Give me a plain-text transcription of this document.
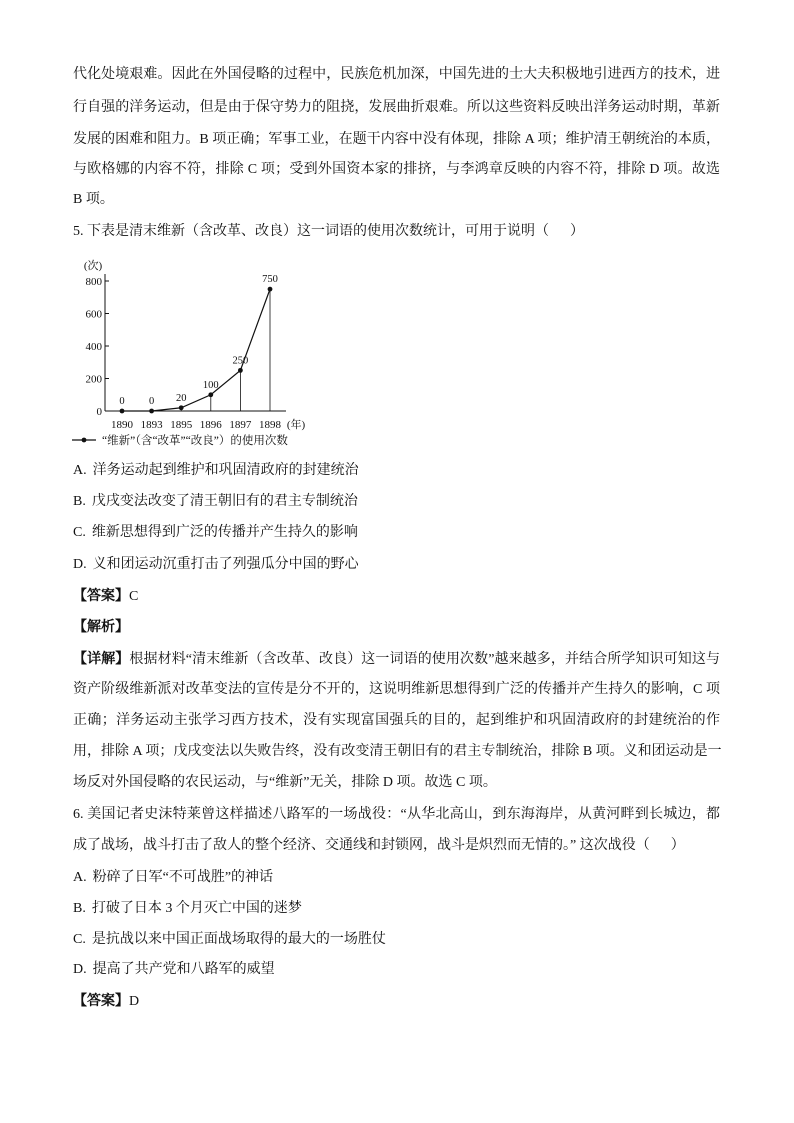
代化处境艰难。因此在外国侵略的过程中，民族危机加深，中国先进的士大夫积极地引进西方的技术，进
行自强的洋务运动，但是由于保守势力的阻挠，发展曲折艰难。所以这些资料反映出洋务运动时期，革新
发展的困难和阻力。B 项正确；军事工业，在题干内容中没有体现，排除 A 项；维护清王朝统治的本质，
与欧格娜的内容不符，排除 C 项；受到外国资本家的排挤，与李鸿章反映的内容不符，排除 D 项。故选
B 项。
5. 下表是清末维新（含改革、改良）这一词语的使用次数统计，可用于说明（      ）
0
200
400
600
800
1890 1893 1895 1896 1897 1898
(次)
(年)
0 0 20
100
250
750
“维新”（含“改革”“改良”）的使用次数
A. 洋务运动起到维护和巩固清政府的封建统治
B. 戊戌变法改变了清王朝旧有的君主专制统治
C. 维新思想得到广泛的传播并产生持久的影响
D. 义和团运动沉重打击了列强瓜分中国的野心
【答案】C
【解析】
【详解】根据材料“清末维新（含改革、改良）这一词语的使用次数”越来越多，并结合所学知识可知这与
资产阶级维新派对改革变法的宣传是分不开的，这说明维新思想得到广泛的传播并产生持久的影响，C 项
正确；洋务运动主张学习西方技术，没有实现富国强兵的目的，起到维护和巩固清政府的封建统治的作
用，排除 A 项；戊戌变法以失败告终，没有改变清王朝旧有的君主专制统治，排除 B 项。义和团运动是一
场反对外国侵略的农民运动，与“维新”无关，排除 D 项。故选 C 项。
6. 美国记者史沫特莱曾这样描述八路军的一场战役：“从华北高山，到东海海岸，从黄河畔到长城边，都
成了战场，战斗打击了敌人的整个经济、交通线和封锁网，战斗是炽烈而无情的。” 这次战役（      ）
A. 粉碎了日军“不可战胜”的神话
B. 打破了日本 3 个月灭亡中国的迷梦
C. 是抗战以来中国正面战场取得的最大的一场胜仗
D. 提高了共产党和八路军的威望
【答案】D
